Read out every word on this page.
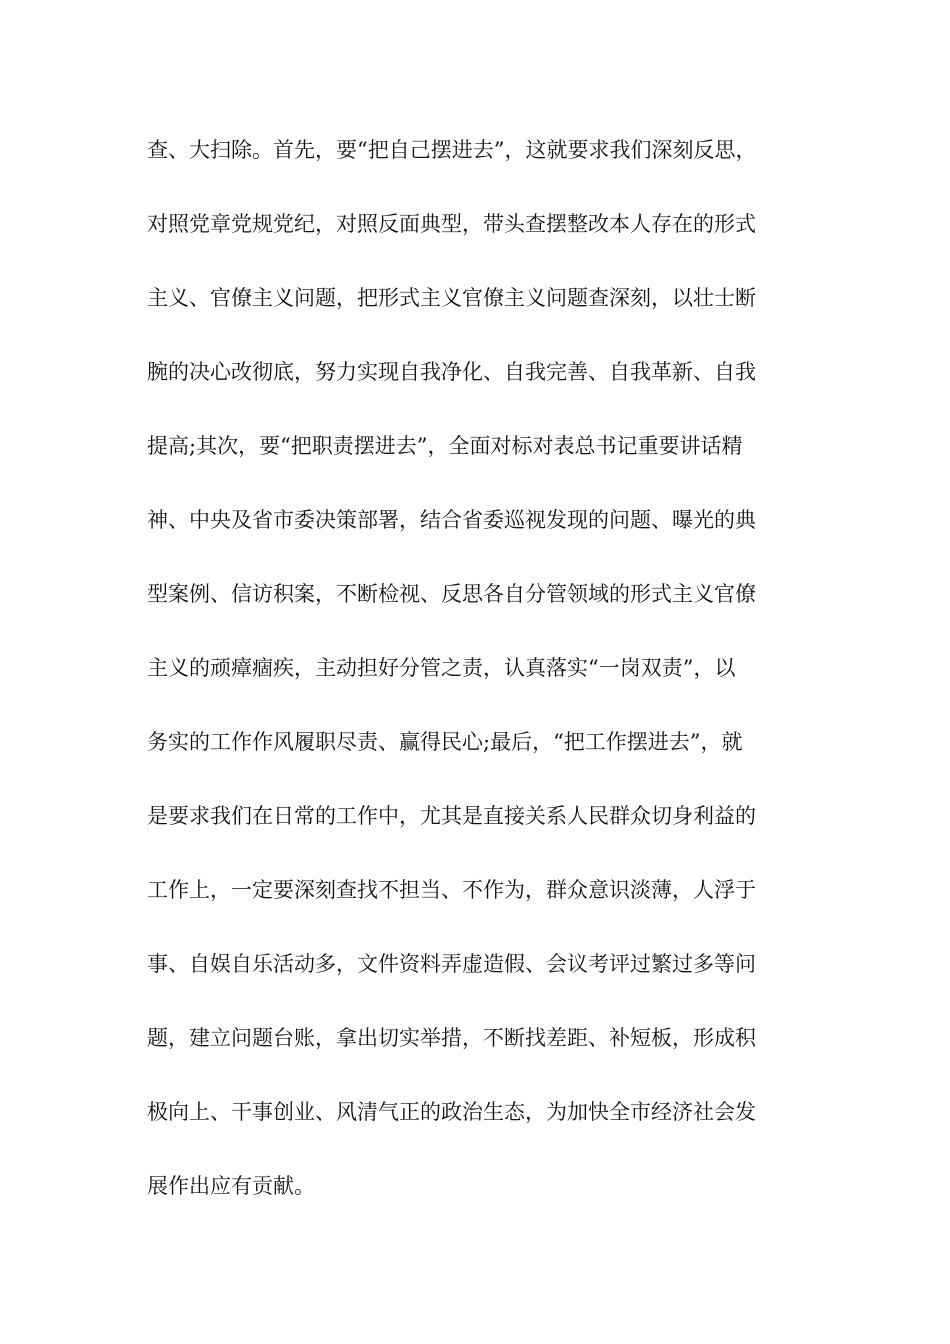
查、大扫除。首先，要“把自己摆进去”，这就要求我们深刻反思，
对照党章党规党纪，对照反面典型，带头查摆整改本人存在的形式
主义、官僚主义问题，把形式主义官僚主义问题查深刻，以壮士断
腕的决心改彻底，努力实现自我净化、自我完善、自我革新、自我
提高;其次，要“把职责摆进去”，全面对标对表总书记重要讲话精
神、中央及省市委决策部署，结合省委巡视发现的问题、曝光的典
型案例、信访积案，不断检视、反思各自分管领域的形式主义官僚
主义的顽瘴痼疾，主动担好分管之责，认真落实“一岗双责”，以
务实的工作作风履职尽责、赢得民心;最后，“把工作摆进去”，就
是要求我们在日常的工作中，尤其是直接关系人民群众切身利益的
工作上，一定要深刻查找不担当、不作为，群众意识淡薄，人浮于
事、自娱自乐活动多，文件资料弄虚造假、会议考评过繁过多等问
题，建立问题台账，拿出切实举措，不断找差距、补短板，形成积
极向上、干事创业、风清气正的政治生态，为加快全市经济社会发
展作出应有贡献。
